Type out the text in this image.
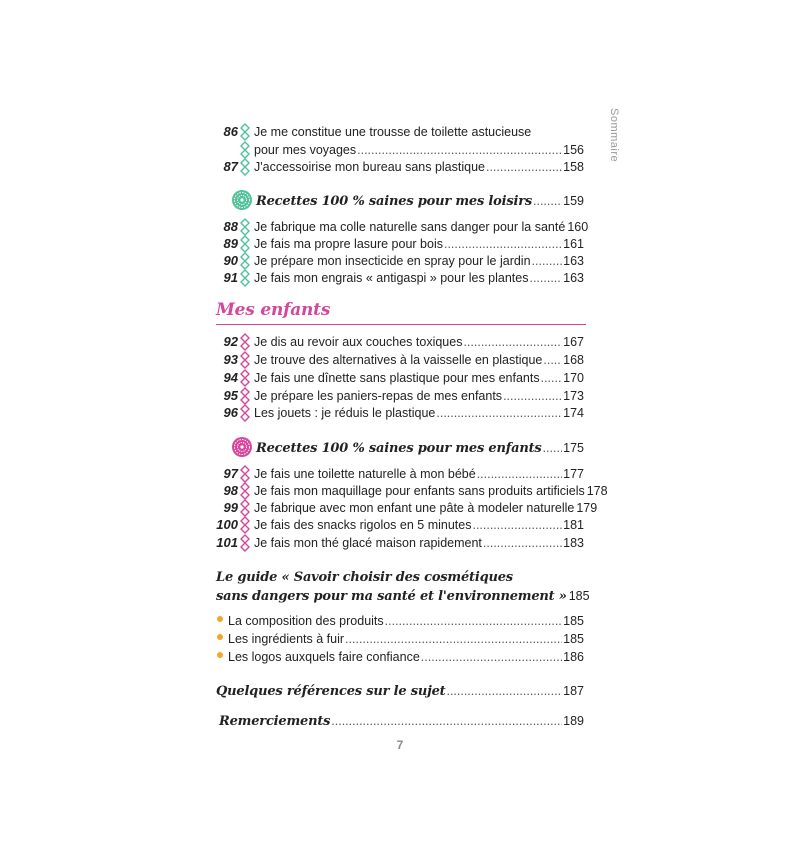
Sommaire
86 Je me constitue une trousse de toilette astucieuse
pour mes voyages .....	156
87 J'accessoirise mon bureau sans plastique .....	158
Recettes 100 % saines pour mes loisirs ..... 159
88 Je fabrique ma colle naturelle sans danger pour la santé 160
89 Je fais ma propre lasure pour bois .....	161
90 Je prépare mon insecticide en spray pour le jardin .....	163
91 Je fais mon engrais « antigaspi » pour les plantes .....	163
Mes enfants
92 Je dis au revoir aux couches toxiques .....	167
93 Je trouve des alternatives à la vaisselle en plastique ..... 168
94 Je fais une dînette sans plastique pour mes enfants ..... 170
95 Je prépare les paniers-repas de mes enfants .....	173
96 Les jouets : je réduis le plastique .....	174
Recettes 100 % saines pour mes enfants ..... 175
97 Je fais une toilette naturelle à mon bébé .....	177
98 Je fais mon maquillage pour enfants sans produits artificiels 178
99 Je fabrique avec mon enfant une pâte à modeler naturelle 179
100 Je fais des snacks rigolos en 5 minutes .....	181
101 Je fais mon thé glacé maison rapidement .....	183
Le guide « Savoir choisir des cosmétiques
sans dangers pour ma santé et l'environnement » 185
La composition des produits .....	185
Les ingrédients à fuir .....	185
Les logos auxquels faire confiance .....	186
Quelques références sur le sujet .....	187
Remerciements .....	189
7
